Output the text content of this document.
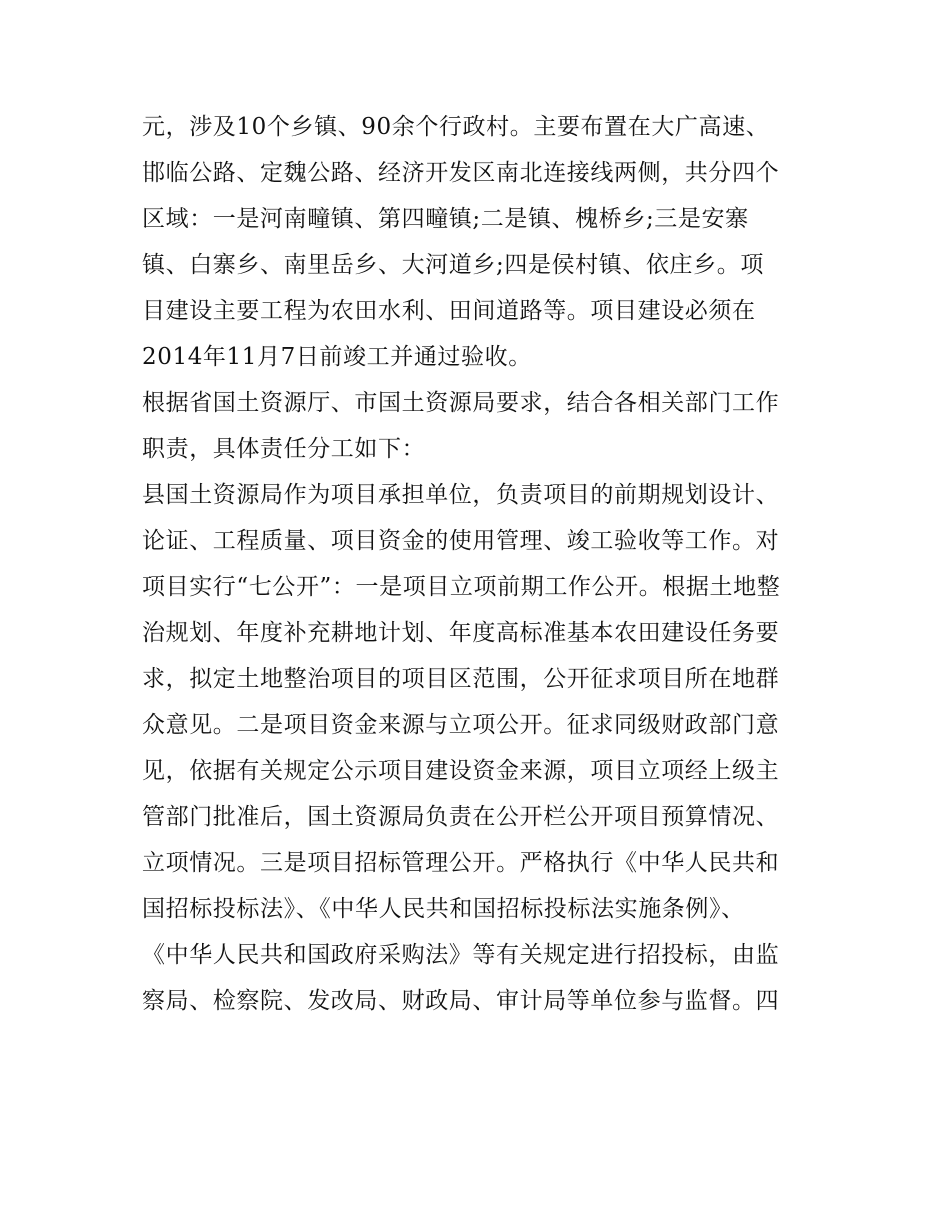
元，涉及10个乡镇、90余个行政村。主要布置在大广高速、
邯临公路、定魏公路、经济开发区南北连接线两侧，共分四个
区域：一是河南疃镇、第四疃镇;二是镇、槐桥乡;三是安寨
镇、白寨乡、南里岳乡、大河道乡;四是侯村镇、依庄乡。项
目建设主要工程为农田水利、田间道路等。项目建设必须在
2014年11月7日前竣工并通过验收。
根据省国土资源厅、市国土资源局要求，结合各相关部门工作
职责，具体责任分工如下：
县国土资源局作为项目承担单位，负责项目的前期规划设计、
论证、工程质量、项目资金的使用管理、竣工验收等工作。对
项目实行“七公开”：一是项目立项前期工作公开。根据土地整
治规划、年度补充耕地计划、年度高标准基本农田建设任务要
求，拟定土地整治项目的项目区范围，公开征求项目所在地群
众意见。二是项目资金来源与立项公开。征求同级财政部门意
见，依据有关规定公示项目建设资金来源，项目立项经上级主
管部门批准后，国土资源局负责在公开栏公开项目预算情况、
立项情况。三是项目招标管理公开。严格执行《中华人民共和
国招标投标法》、《中华人民共和国招标投标法实施条例》、
《中华人民共和国政府采购法》等有关规定进行招投标，由监
察局、检察院、发改局、财政局、审计局等单位参与监督。四
